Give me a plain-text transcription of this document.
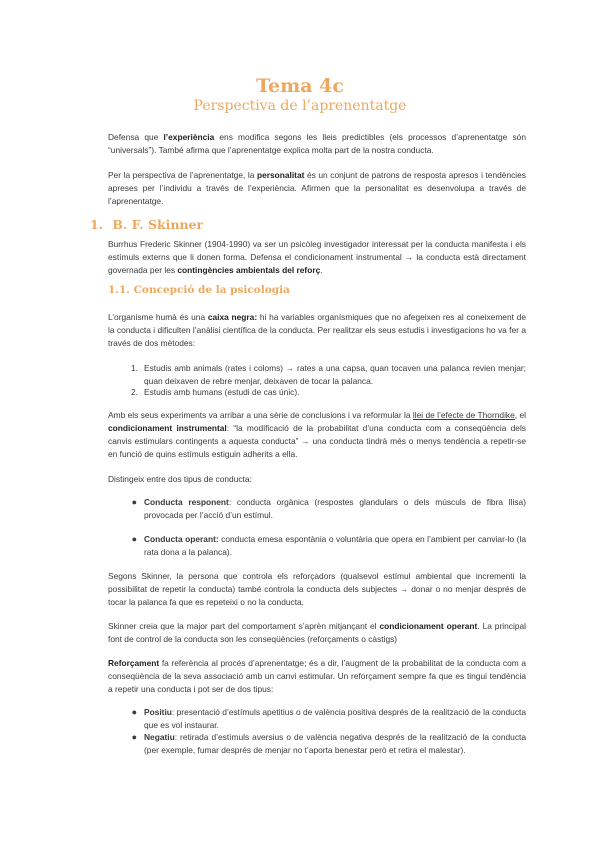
Tema 4c
Perspectiva de l’aprenentatge
Defensa que l’experiència ens modifica segons les lleis predictibles (els processos d’aprenentatge són “universals”). També afirma que l’aprenentatge explica molta part de la nostra conducta.
Per la perspectiva de l’aprenentatge, la personalitat és un conjunt de patrons de resposta apresos i tendències apreses per l’individu a través de l’experiència. Afirmen que la personalitat es desenvolupa a través de l’aprenentatge.
1. B. F. Skinner
Burrhus Frederic Skinner (1904-1990) va ser un psicòleg investigador interessat per la conducta manifesta i els estímuls externs que li donen forma. Defensa el condicionament instrumental → la conducta està directament governada per les contingències ambientals del reforç.
1.1. Concepció de la psicologia
L’organisme humà és una caixa negra: hi ha variables organísmiques que no afegeixen res al coneixement de la conducta i dificulten l’anàlisi científica de la conducta. Per realitzar els seus estudis i investigacions ho va fer a través de dos mètodes:
1. Estudis amb animals (rates i coloms) → rates a una capsa, quan tocaven una palanca revien menjar; quan deixaven de rebre menjar, deixaven de tocar la palanca.
2. Estudis amb humans (estudi de cas únic).
Amb els seus experiments va arribar a una sèrie de conclusions i va reformular la llei de l’efecte de Thorndike, el condicionament instrumental: “la modificació de la probabilitat d’una conducta com a conseqüència dels canvis estimulars contingents a aquesta conducta” → una conducta tindrà més o menys tendència a repetir-se en funció de quins estímuls estiguin adherits a ella.
Distingeix entre dos tipus de conducta:
● Conducta responent: conducta orgànica (respostes glandulars o dels músculs de fibra llisa) provocada per l’acció d’un estímul.
● Conducta operant: conducta emesa espontània o voluntària que opera en l’ambient per canviar-lo (la rata dona a la palanca).
Segons Skinner, la persona que controla els reforçadors (qualsevol estímul ambiental que incrementi la possibilitat de repetir la conducta) també controla la conducta dels subjectes → donar o no menjar després de tocar la palanca fa que es repeteixi o no la conducta.
Skinner creia que la major part del comportament s’aprèn mitjançant el condicionament operant. La principal font de control de la conducta son les conseqüències (reforçaments o càstigs)
Reforçament fa referència al procés d’aprenentatge; és a dir, l’augment de la probabilitat de la conducta com a conseqüència de la seva associació amb un canvi estimular. Un reforçament sempre fa que es tingui tendència a repetir una conducta i pot ser de dos tipus:
● Positiu: presentació d’estímuls apetitius o de valència positiva després de la realització de la conducta que es vol instaurar.
● Negatiu: retirada d’estímuls aversius o de valència negativa després de la realització de la conducta (per exemple, fumar després de menjar no t’aporta benestar però et retira el malestar).
